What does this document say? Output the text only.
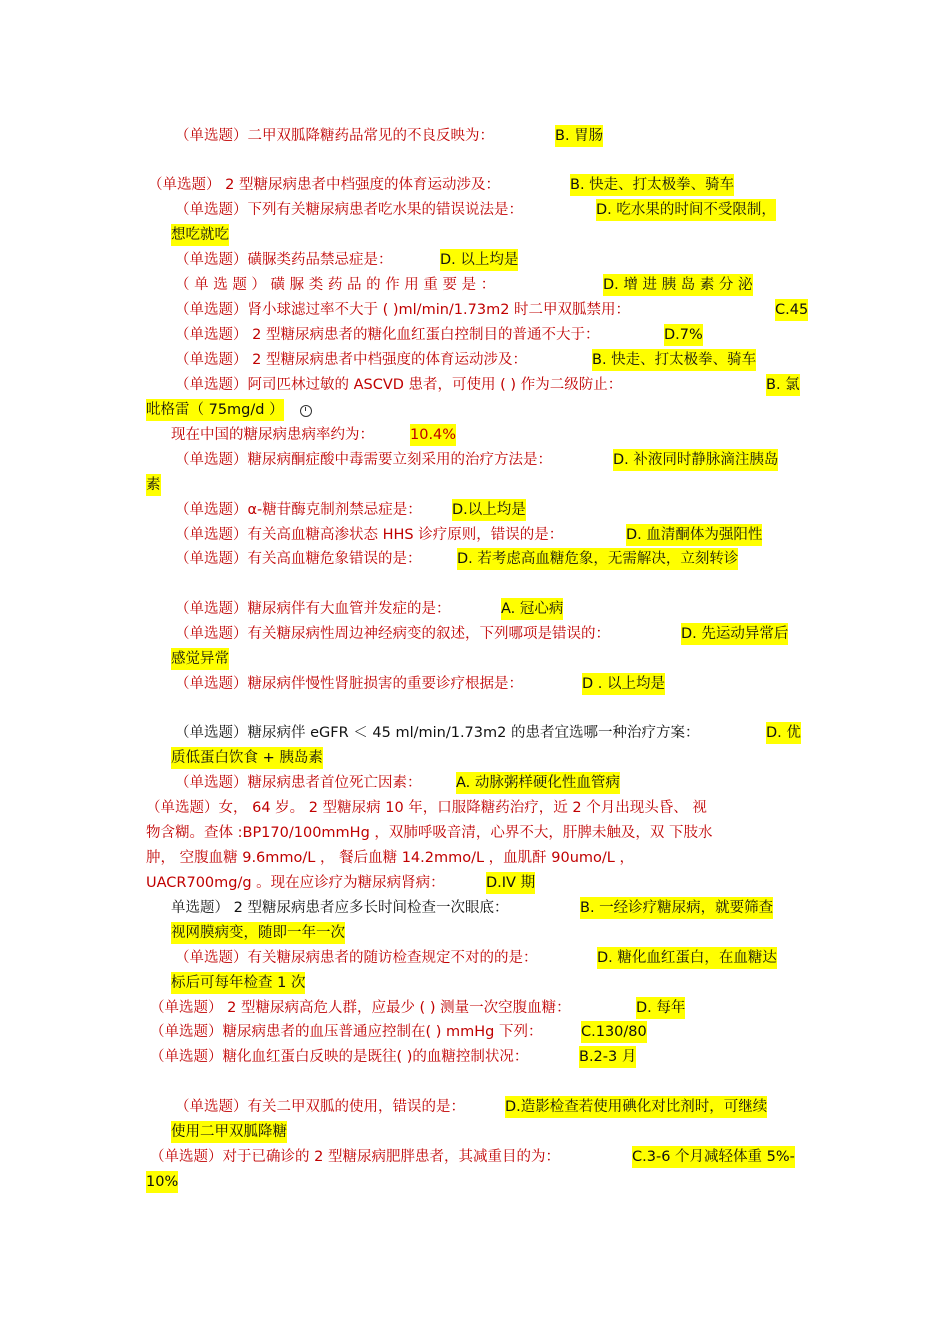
（单选题）二甲双胍降糖药品常见的不良反映为：	B. 胃肠
（单选题） 2 型糖尿病患者中档强度的体育运动涉及：	B. 快走、打太极拳、骑车
（单选题）下列有关糖尿病患者吃水果的错误说法是：	D. 吃水果的时间不受限制，
想吃就吃
（单选题）磺脲类药品禁忌症是：	D. 以上均是
（ 单 选 题 ） 磺 脲 类 药 品 的 作 用 重 要 是 ：	D. 增 进 胰 岛 素 分 泌
（单选题）肾小球滤过率不大于 ( )ml/min/1.73m2 时二甲双胍禁用：	C.45
（单选题） 2 型糖尿病患者的糖化血红蛋白控制目的普通不大于：	D.7%
（单选题） 2 型糖尿病患者中档强度的体育运动涉及：	B. 快走、打太极拳、骑车
（单选题）阿司匹林过敏的 ASCVD 患者，可使用 ( ) 作为二级防止：	B. 氯
吡格雷（ 75mg/d ）
现在中国的糖尿病患病率约为： 10.4%
（单选题）糖尿病酮症酸中毒需要立刻采用的治疗方法是：	D. 补液同时静脉滴注胰岛
素
（单选题）α-糖苷酶克制剂禁忌症是： D.以上均是
（单选题）有关高血糖高渗状态 HHS 诊疗原则，错误的是：	D. 血清酮体为强阳性
（单选题）有关高血糖危象错误的是： D. 若考虑高血糖危象，无需解决，立刻转诊
（单选题）糖尿病伴有大血管并发症的是：	A. 冠心病
（单选题）有关糖尿病性周边神经病变的叙述，下列哪项是错误的：	D. 先运动异常后
感觉异常
（单选题）糖尿病伴慢性肾脏损害的重要诊疗根据是：	D . 以上均是
（单选题）糖尿病伴 eGFR ＜ 45 ml/min/1.73m2 的患者宜选哪一种治疗方案：	D. 优
质低蛋白饮食 + 胰岛素
（单选题）糖尿病患者首位死亡因素： A. 动脉粥样硬化性血管病
（单选题）女， 64 岁。 2 型糖尿病 10 年，口服降糖药治疗，近 2 个月出现头昏、 视
物含糊。查体 :BP170/100mmHg ，双肺呼吸音清，心界不大，肝脾未触及，双 下肢水
肿， 空腹血糖 9.6mmo/L ， 餐后血糖 14.2mmo/L ，血肌酐 90umo/L ，
UACR700mg/g 。现在应诊疗为糖尿病肾病：	D.IV 期
单选题） 2 型糖尿病患者应多长时间检查一次眼底：	B. 一经诊疗糖尿病，就要筛查
视网膜病变，随即一年一次
（单选题）有关糖尿病患者的随访检查规定不对的的是：	D. 糖化血红蛋白，在血糖达
标后可每年检查 1 次
（单选题） 2 型糖尿病高危人群，应最少 ( ) 测量一次空腹血糖：	D. 每年
（单选题）糖尿病患者的血压普通应控制在( ) mmHg 下列：	C.130/80
（单选题）糖化血红蛋白反映的是既往( )的血糖控制状况：	B.2-3 月
（单选题）有关二甲双胍的使用，错误的是：	D.造影检查若使用碘化对比剂时，可继续
使用二甲双胍降糖
（单选题）对于已确诊的 2 型糖尿病肥胖患者，其减重目的为：	C.3-6 个月减轻体重 5%-
10%
